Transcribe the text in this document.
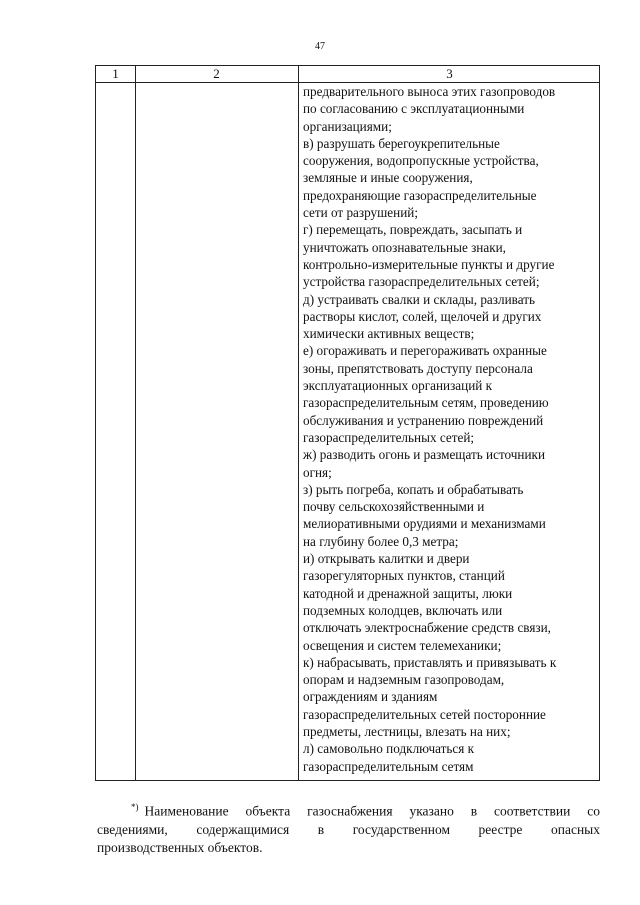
47
1	2	3
предварительного выноса этих газопроводов
по согласованию с эксплуатационными
организациями;
в) разрушать берегоукрепительные
сооружения, водопропускные устройства,
земляные и иные сооружения,
предохраняющие газораспределительные
сети от разрушений;
г) перемещать, повреждать, засыпать и
уничтожать опознавательные знаки,
контрольно-измерительные пункты и другие
устройства газораспределительных сетей;
д) устраивать свалки и склады, разливать
растворы кислот, солей, щелочей и других
химически активных веществ;
е) огораживать и перегораживать охранные
зоны, препятствовать доступу персонала
эксплуатационных организаций к
газораспределительным сетям, проведению
обслуживания и устранению повреждений
газораспределительных сетей;
ж) разводить огонь и размещать источники
огня;
з) рыть погреба, копать и обрабатывать
почву сельскохозяйственными и
мелиоративными орудиями и механизмами
на глубину более 0,3 метра;
и) открывать калитки и двери
газорегуляторных пунктов, станций
катодной и дренажной защиты, люки
подземных колодцев, включать или
отключать электроснабжение средств связи,
освещения и систем телемеханики;
к) набрасывать, приставлять и привязывать к
опорам и надземным газопроводам,
ограждениям и зданиям
газораспределительных сетей посторонние
предметы, лестницы, влезать на них;
л) самовольно подключаться к
газораспределительным сетям
*) Наименование объекта газоснабжения указано в соответствии со
сведениями, содержащимися в государственном реестре опасных
производственных объектов.
